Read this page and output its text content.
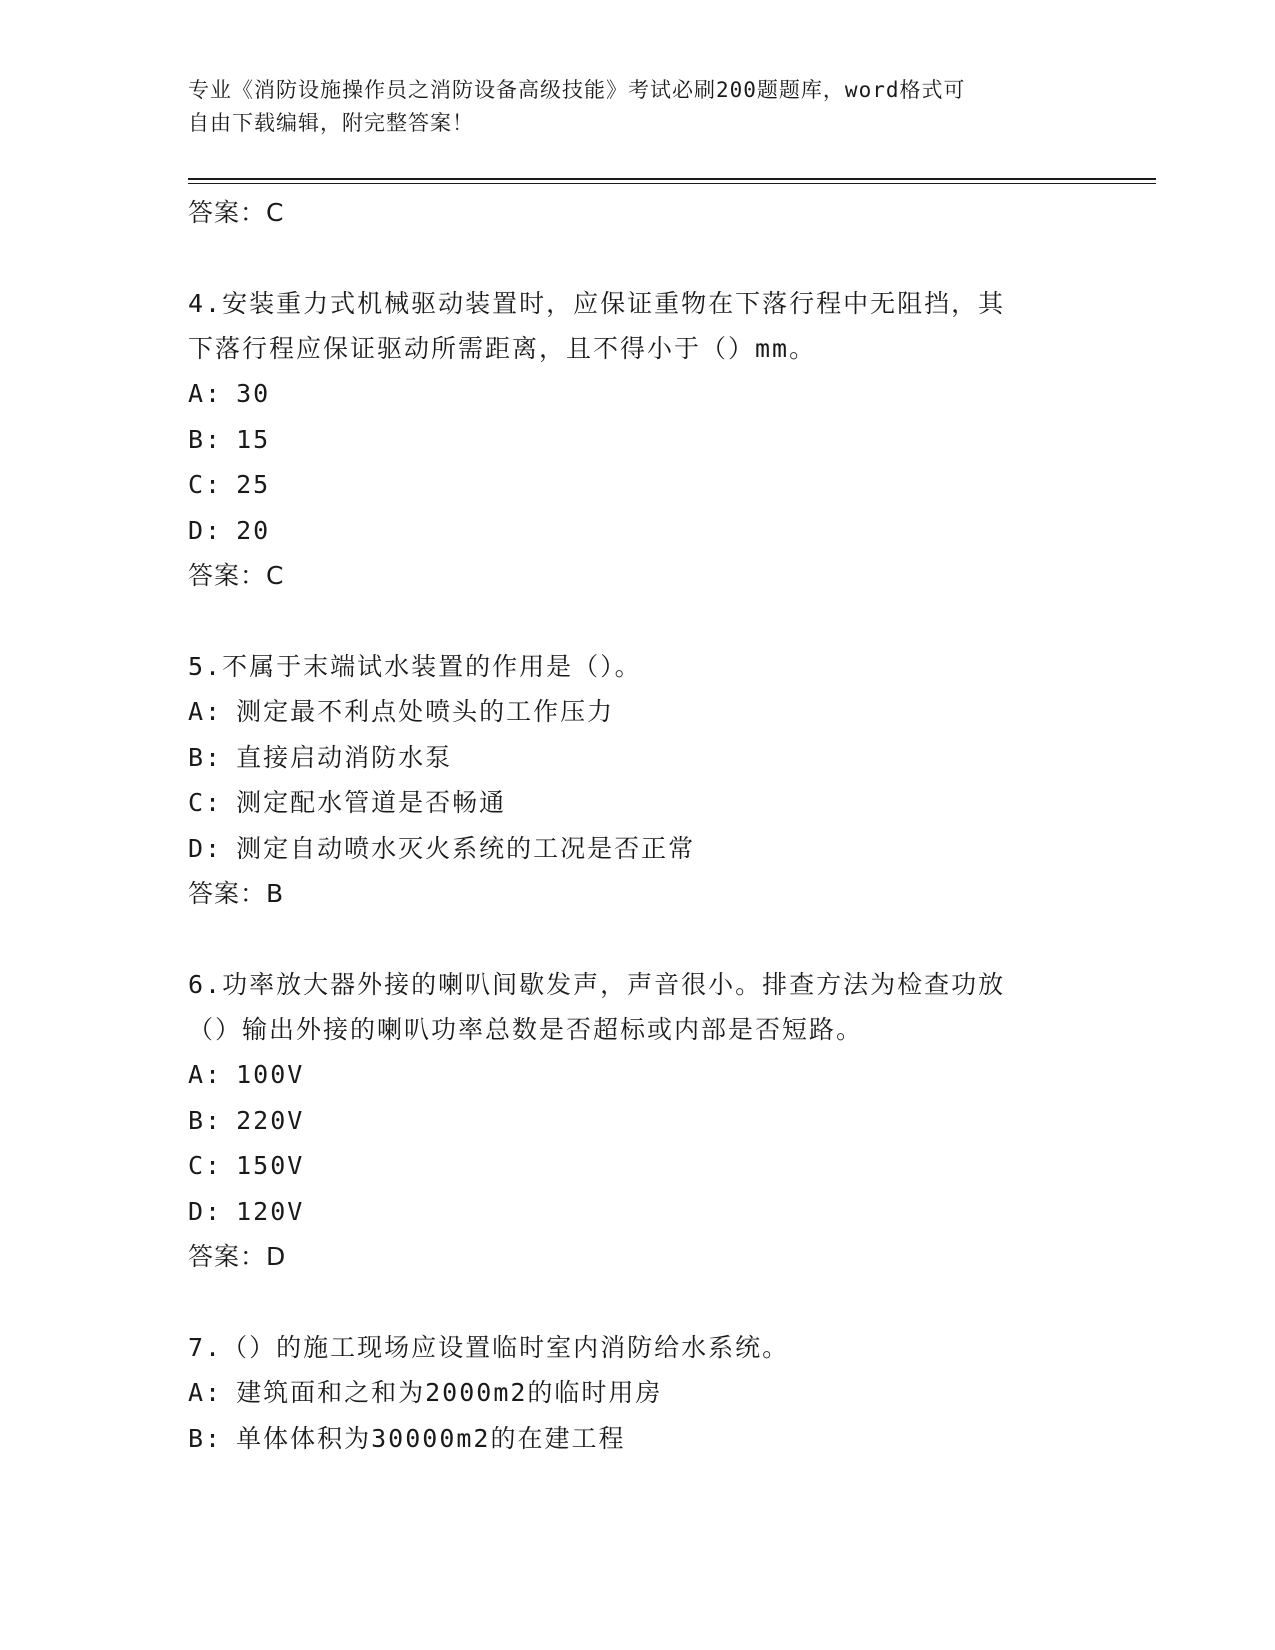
专业《消防设施操作员之消防设备高级技能》考试必刷200题题库，word格式可
自由下载编辑，附完整答案！
答案：C
4.安装重力式机械驱动装置时，应保证重物在下落行程中无阻挡，其
下落行程应保证驱动所需距离，且不得小于（）mm。
A: 30
B: 15
C: 25
D: 20
答案：C
5.不属于末端试水装置的作用是（）。
A: 测定最不利点处喷头的工作压力
B: 直接启动消防水泵
C: 测定配水管道是否畅通
D: 测定自动喷水灭火系统的工况是否正常
答案：B
6.功率放大器外接的喇叭间歇发声，声音很小。排查方法为检查功放
（）输出外接的喇叭功率总数是否超标或内部是否短路。
A: 100V
B: 220V
C: 150V
D: 120V
答案：D
7.（）的施工现场应设置临时室内消防给水系统。
A: 建筑面和之和为2000m2的临时用房
B: 单体体积为30000m2的在建工程
